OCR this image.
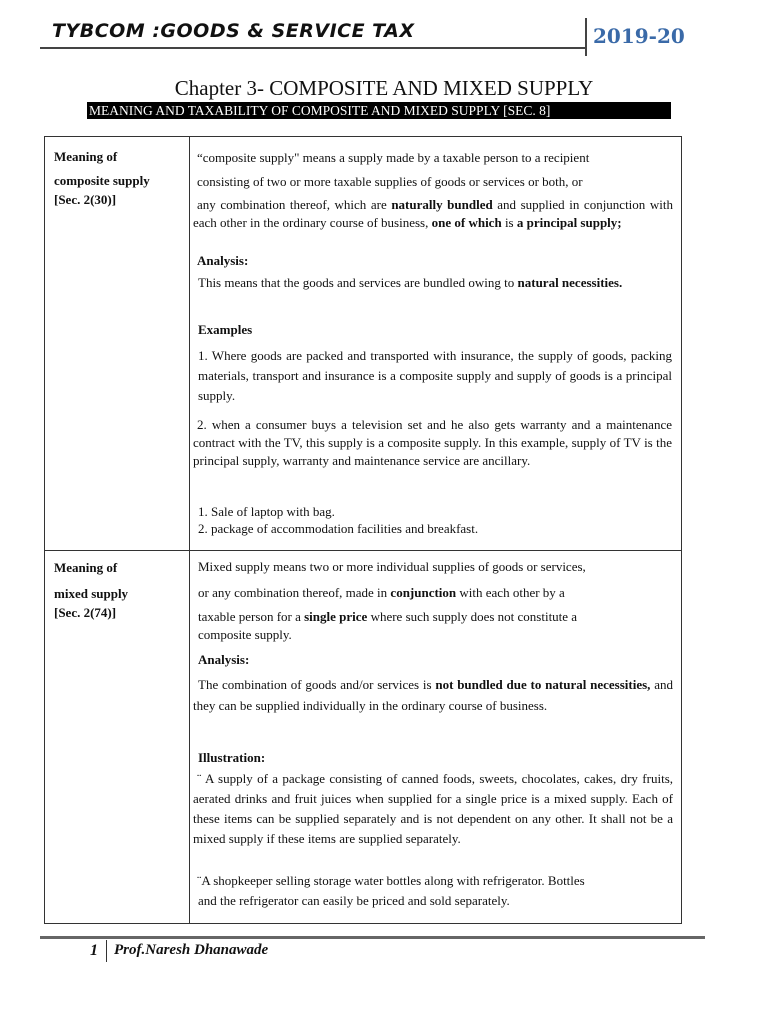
TYBCOM :GOODS & SERVICE TAX	2019-20
Chapter 3- COMPOSITE AND MIXED SUPPLY
MEANING AND TAXABILITY OF COMPOSITE AND MIXED SUPPLY [SEC. 8]
Meaning of
composite supply
[Sec. 2(30)]
“composite supply" means a supply made by a taxable person to a recipient
consisting of two or more taxable supplies of goods or services or both, or
any combination thereof, which are naturally bundled and supplied in conjunction with each other in the ordinary course of business, one of which is a principal supply;
Analysis:
This means that the goods and services are bundled owing to natural necessities.
Examples
1. Where goods are packed and transported with insurance, the supply of goods, packing materials, transport and insurance is a composite supply and supply of goods is a principal supply.
2. when a consumer buys a television set and he also gets warranty and a maintenance contract with the TV, this supply is a composite supply. In this example, supply of TV is the principal supply, warranty and maintenance service are ancillary.
1. Sale of laptop with bag.
2. package of accommodation facilities and breakfast.
Meaning of
mixed supply
[Sec. 2(74)]
Mixed supply means two or more individual supplies of goods or services,
or any combination thereof, made in conjunction with each other by a
taxable person for a single price where such supply does not constitute a
composite supply.
Analysis:
The combination of goods and/or services is not bundled due to natural necessities, and they can be supplied individually in the ordinary course of business.
Illustration:
¨ A supply of a package consisting of canned foods, sweets, chocolates, cakes, dry fruits, aerated drinks and fruit juices when supplied for a single price is a mixed supply. Each of these items can be supplied separately and is not dependent on any other. It shall not be a mixed supply if these items are supplied separately.
¨A shopkeeper selling storage water bottles along with refrigerator. Bottles
and the refrigerator can easily be priced and sold separately.
1 Prof.Naresh Dhanawade
